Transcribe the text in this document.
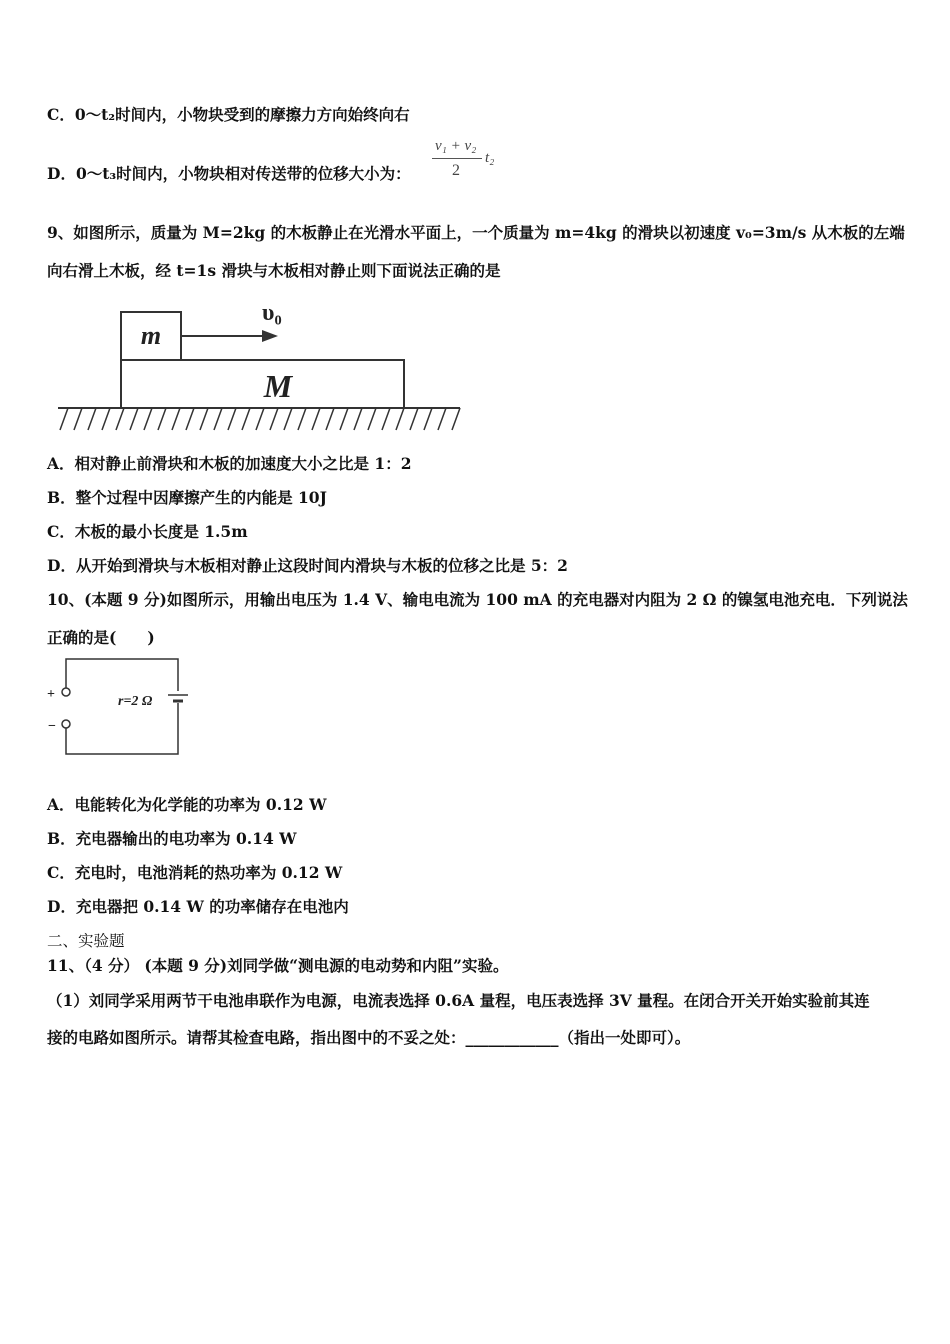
C．0～t₂时间内，小物块受到的摩擦力方向始终向右
D．0～t₃时间内，小物块相对传送带的位移大小为：
v₁ + v₂
2
t₂
9、如图所示，质量为 M=2kg 的木板静止在光滑水平面上，一个质量为 m=4kg 的滑块以初速度 v₀=3m/s 从木板的左端
向右滑上木板，经 t=1s 滑块与木板相对静止则下面说法正确的是
m
υ₀
M
A．相对静止前滑块和木板的加速度大小之比是 1：2
B．整个过程中因摩擦产生的内能是 10J
C．木板的最小长度是 1.5m
D．从开始到滑块与木板相对静止这段时间内滑块与木板的位移之比是 5：2
10、(本题 9 分)如图所示，用输出电压为 1.4 V、输电电流为 100 mA 的充电器对内阻为 2 Ω 的镍氢电池充电．下列说法
正确的是(　　)
+
−
r=2 Ω
A．电能转化为化学能的功率为 0.12 W
B．充电器输出的电功率为 0.14 W
C．充电时，电池消耗的热功率为 0.12 W
D．充电器把 0.14 W 的功率储存在电池内
二、实验题
11、（4 分） (本题 9 分)刘同学做“测电源的电动势和内阻”实验。
（1）刘同学采用两节干电池串联作为电源，电流表选择 0.6A 量程，电压表选择 3V 量程。在闭合开关开始实验前其连
接的电路如图所示。请帮其检查电路，指出图中的不妥之处：____________（指出一处即可）。
